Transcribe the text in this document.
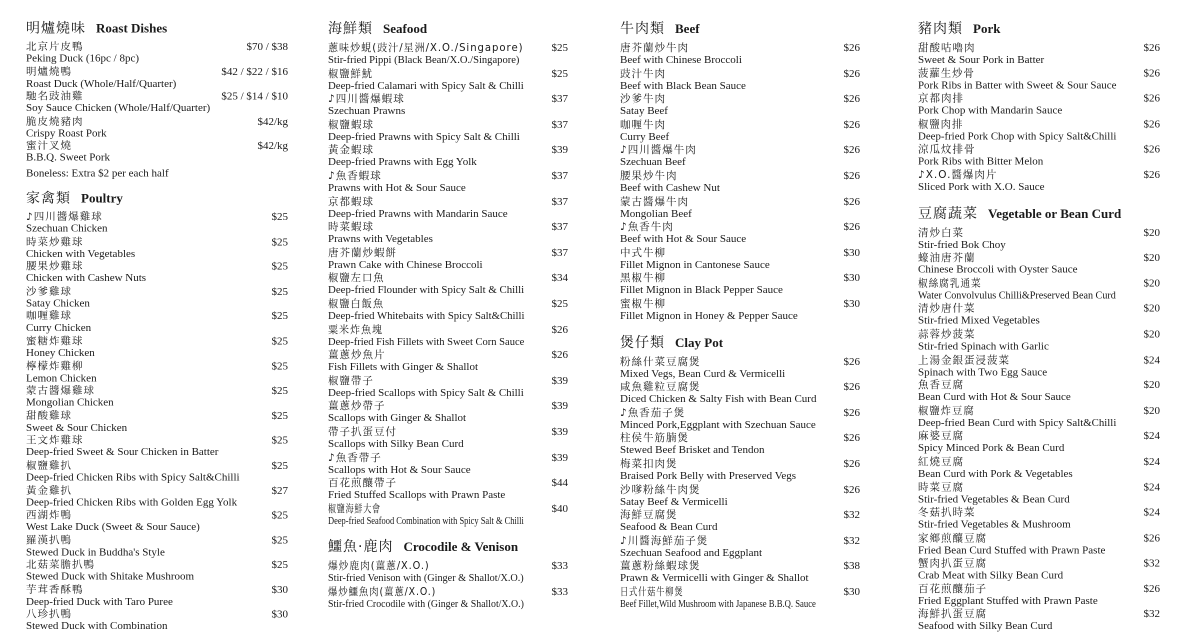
明爐燒味 Roast Dishes
北京片皮鴨
Peking Duck (16pc / 8pc)
$70 / $38
明爐燒鴨
Roast Duck (Whole/Half/Quarter)
$42 / $22 / $16
馳名豉油雞
Soy Sauce Chicken (Whole/Half/Quarter)
$25 / $14 / $10
脆皮燒豬肉
Crispy Roast Pork
$42/kg
蜜汁叉燒
B.B.Q. Sweet Pork
$42/kg
Boneless: Extra $2 per each half
家禽類 Poultry
♪四川醬爆雞球
Szechuan Chicken
$25
時菜炒雞球
Chicken with Vegetables
$25
腰果炒雞球
Chicken with Cashew Nuts
$25
沙爹雞球
Satay Chicken
$25
咖喱雞球
Curry Chicken
$25
蜜糖炸雞球
Honey Chicken
$25
檸檬炸雞柳
Lemon Chicken
$25
蒙古醬爆雞球
Mongolian Chicken
$25
甜酸雞球
Sweet & Sour Chicken
$25
王文炸雞球
Deep-fried Sweet & Sour Chicken in Batter
$25
椒鹽雞扒
Deep-fried Chicken Ribs with Spicy Salt&Chilli
$25
黃金雞扒
Deep-fried Chicken Ribs with Golden Egg Yolk
$27
西湖炸鴨
West Lake Duck (Sweet & Sour Sauce)
$25
羅漢扒鴨
Stewed Duck in Buddha's Style
$25
北菇菜膽扒鴨
Stewed Duck with Shitake Mushroom
$25
芋茸香酥鴨
Deep-fried Duck with Taro Puree
$30
八珍扒鴨
Stewed Duck with Combination
$30
海鮮類 Seafood
蔥味炒蜆(豉汁/星洲/X.O./Singapore)
Stir-fried Pippi (Black Bean/X.O./Singapore)
$25
椒鹽鮮魷
Deep-fried Calamari with Spicy Salt & Chilli
$25
♪四川醬爆蝦球
Szechuan Prawns
$37
椒鹽蝦球
Deep-fried Prawns with Spicy Salt & Chilli
$37
黃金蝦球
Deep-fried Prawns with Egg Yolk
$39
♪魚香蝦球
Prawns with Hot & Sour Sauce
$37
京都蝦球
Deep-fried Prawns with Mandarin Sauce
$37
時菜蝦球
Prawns with Vegetables
$37
唐芥蘭炒蝦餅
Prawn Cake with Chinese Broccoli
$37
椒鹽左口魚
Deep-fried Flounder with Spicy Salt & Chilli
$34
椒鹽白飯魚
Deep-fried Whitebaits with Spicy Salt&Chilli
$25
粟米炸魚塊
Deep-fried Fish Fillets with Sweet Corn Sauce
$26
薑蔥炒魚片
Fish Fillets with Ginger & Shallot
$26
椒鹽帶子
Deep-fried Scallops with Spicy Salt & Chilli
$39
薑蔥炒帶子
Scallops with Ginger & Shallot
$39
帶子扒蛋豆付
Scallops with Silky Bean Curd
$39
♪魚香帶子
Scallops with Hot & Sour Sauce
$39
百花煎釀帶子
Fried Stuffed Scallops with Prawn Paste
$44
椒鹽海鮮大會
Deep-fried Seafood Combination with Spicy Salt & Chilli
$40
鱷魚·鹿肉 Crocodile & Venison
爆炒鹿肉(薑蔥/X.O.)
Stir-fried Venison with (Ginger & Shallot/X.O.)
$33
爆炒鱷魚肉(薑蔥/X.O.)
Stir-fried Crocodile with (Ginger & Shallot/X.O.)
$33
牛肉類 Beef
唐芥蘭炒牛肉
Beef with Chinese Broccoli
$26
豉汁牛肉
Beef with Black Bean Sauce
$26
沙爹牛肉
Satay Beef
$26
咖喱牛肉
Curry Beef
$26
♪四川醬爆牛肉
Szechuan Beef
$26
腰果炒牛肉
Beef with Cashew Nut
$26
蒙古醬爆牛肉
Mongolian Beef
$26
♪魚香牛肉
Beef with Hot & Sour Sauce
$26
中式牛柳
Fillet Mignon in Cantonese Sauce
$30
黑椒牛柳
Fillet Mignon in Black Pepper Sauce
$30
蜜椒牛柳
Fillet Mignon in Honey & Pepper Sauce
$30
煲仔類 Clay Pot
粉絲什菜豆腐煲
Mixed Vegs, Bean Curd & Vermicelli
$26
咸魚雞粒豆腐煲
Diced Chicken & Salty Fish with Bean Curd
$26
♪魚香茄子煲
Minced Pork,Eggplant with Szechuan Sauce
$26
柱侯牛筋腩煲
Stewed Beef Brisket and Tendon
$26
梅菜扣肉煲
Braised Pork Belly with Preserved Vegs
$26
沙嗲粉絲牛肉煲
Satay Beef & Vermicelli
$26
海鮮豆腐煲
Seafood & Bean Curd
$32
♪川醬海鮮茄子煲
Szechuan Seafood and Eggplant
$32
薑蔥粉絲蝦球煲
Prawn & Vermicelli with Ginger & Shallot
$38
日式什菇牛柳煲
Beef Fillet,Wild Mushroom with Japanese B.B.Q. Sauce
$30
豬肉類 Pork
甜酸咕嚕肉
Sweet & Sour Pork in Batter
$26
菠蘿生炒骨
Pork Ribs in Batter with Sweet & Sour Sauce
$26
京都肉排
Pork Chop with Mandarin Sauce
$26
椒鹽肉排
Deep-fried Pork Chop with Spicy Salt&Chilli
$26
涼瓜炆排骨
Pork Ribs with Bitter Melon
$26
♪X.O.醬爆肉片
Sliced Pork with X.O. Sauce
$26
豆腐蔬菜 Vegetable or Bean Curd
清炒白菜
Stir-fried Bok Choy
$20
蠔油唐芥蘭
Chinese Broccoli with Oyster Sauce
$20
椒絲腐乳通菜
Water Convolvulus Chilli&Preserved Bean Curd
$20
清炒唐什菜
Stir-fried Mixed Vegetables
$20
蒜蓉炒菠菜
Stir-fried Spinach with Garlic
$20
上湯金銀蛋浸菠菜
Spinach with Two Egg Sauce
$24
魚香豆腐
Bean Curd with Hot & Sour Sauce
$20
椒鹽炸豆腐
Deep-fried Bean Curd with Spicy Salt&Chilli
$20
麻婆豆腐
Spicy Minced Pork & Bean Curd
$24
紅燒豆腐
Bean Curd with Pork & Vegetables
$24
時菜豆腐
Stir-fried Vegetables & Bean Curd
$24
冬菇扒時菜
Stir-fried Vegetables & Mushroom
$24
家鄉煎釀豆腐
Fried Bean Curd Stuffed with Prawn Paste
$26
蟹肉扒蛋豆腐
Crab Meat with Silky Bean Curd
$32
百花煎釀茄子
Fried Eggplant Stuffed with Prawn Paste
$26
海鮮扒蛋豆腐
Seafood with Silky Bean Curd
$32
